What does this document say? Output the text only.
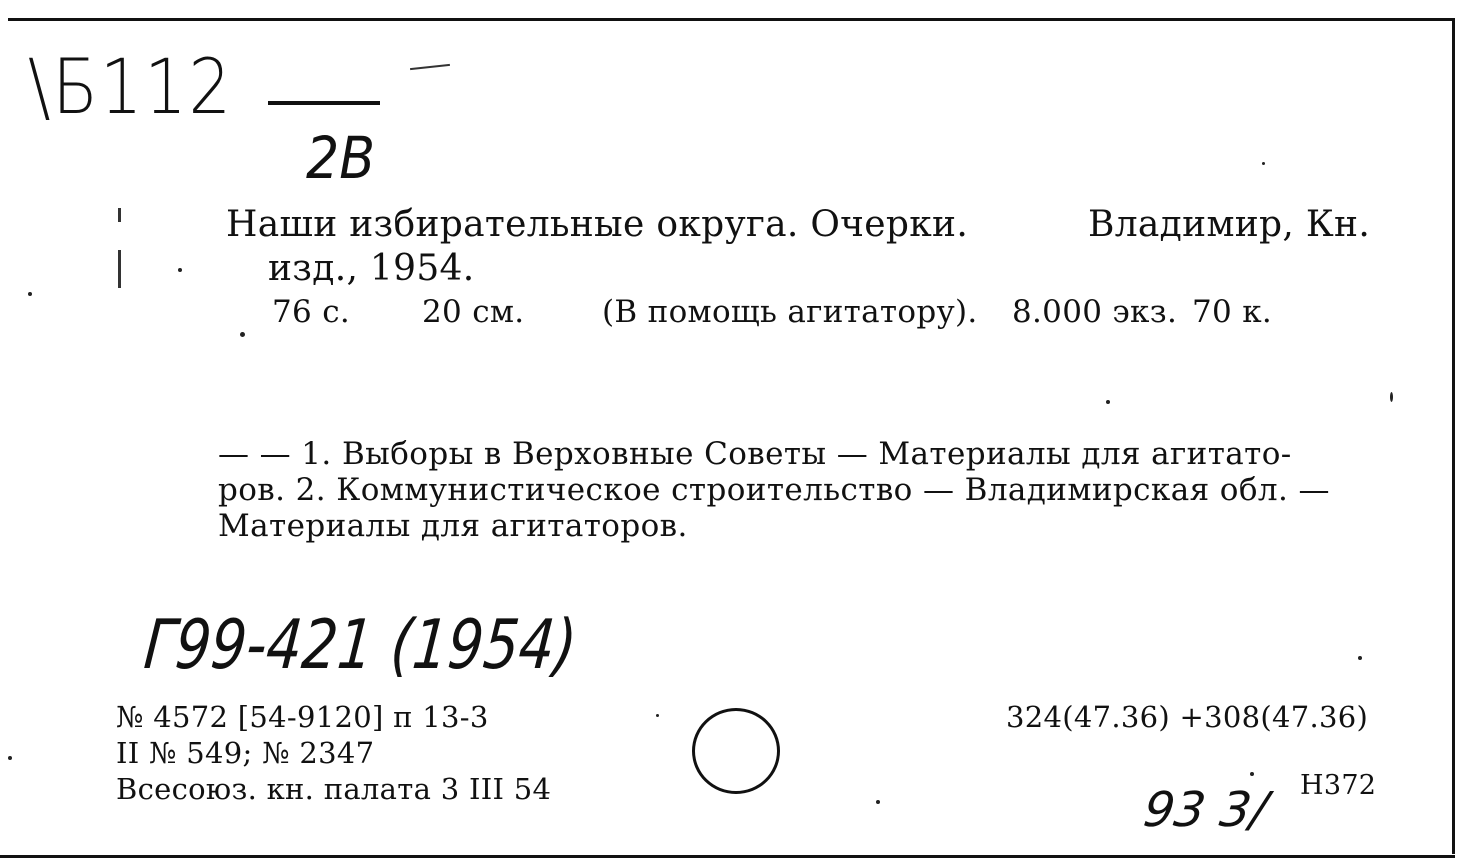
\Б112
2В
Наши избирательные округа. Очерки.	Владимир, Кн.
изд., 1954.
76 с. 20 см.	(В помощь агитатору). 8.000 экз. 70 к.
— — 1. Выборы в Верховные Советы — Материалы для агитато-
ров. 2. Коммунистическое строительство — Владимирская обл. —
Материалы для агитаторов.
Г99-421 (1954)
№ 4572 [54-9120] п 13-3
II № 549; № 2347
Всесоюз. кн. палата 3 III 54
324(47.36) +308(47.36)
Н372
93 3/
